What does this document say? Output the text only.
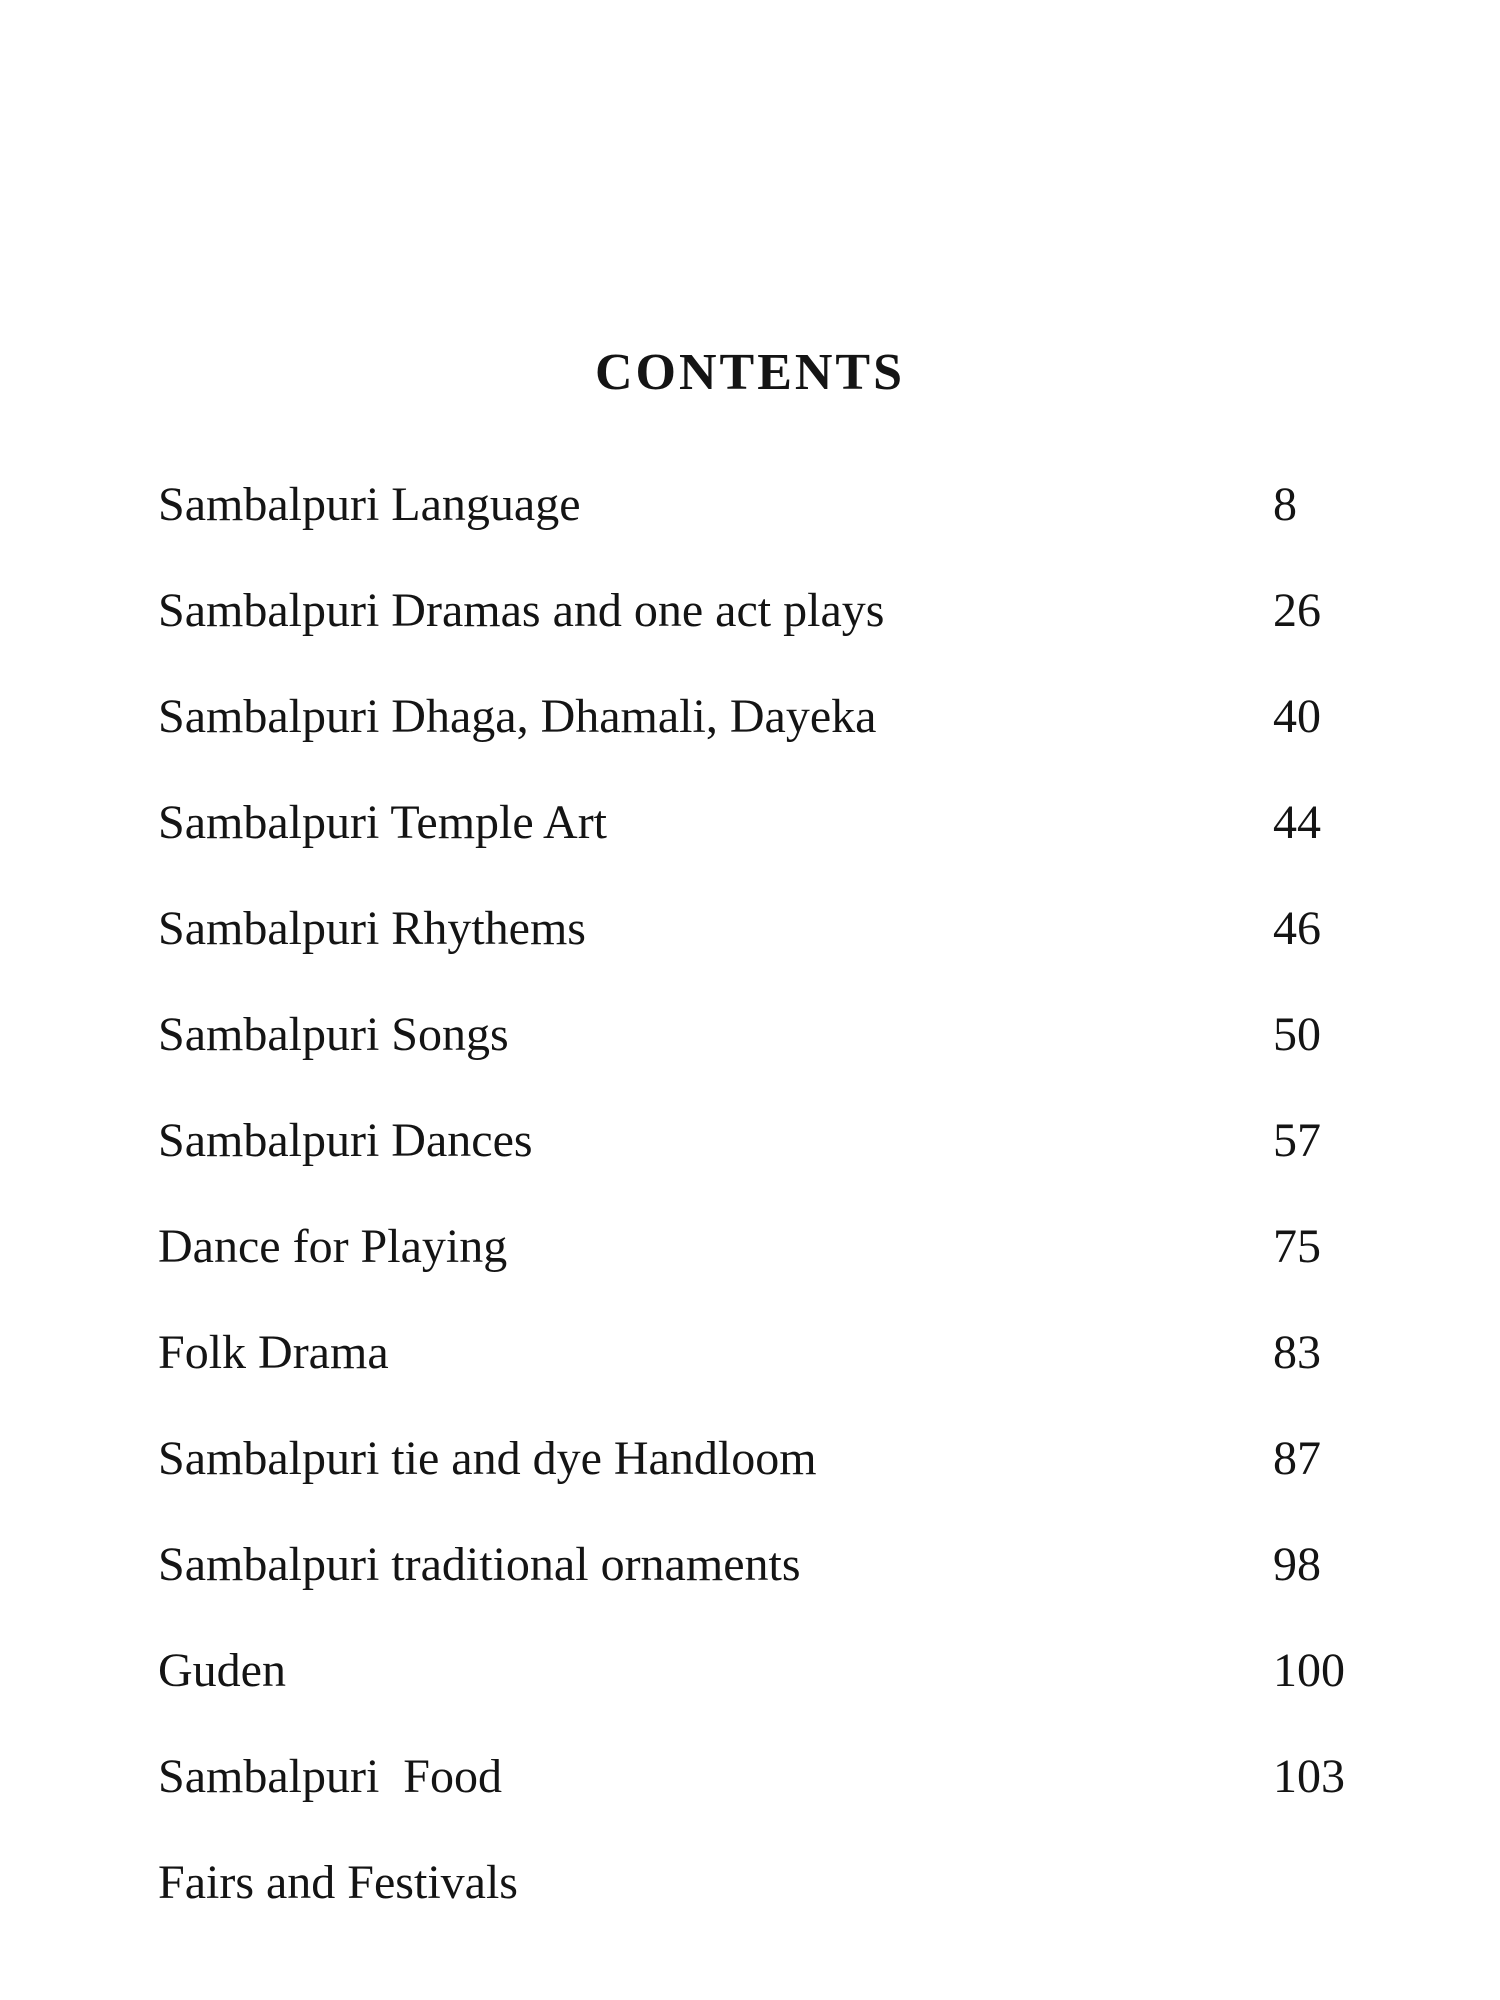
CONTENTS
Sambalpuri Language	8
Sambalpuri Dramas and one act plays	26
Sambalpuri Dhaga, Dhamali, Dayeka	40
Sambalpuri Temple Art	44
Sambalpuri Rhythems	46
Sambalpuri Songs	50
Sambalpuri Dances	57
Dance for Playing	75
Folk Drama	83
Sambalpuri tie and dye Handloom	87
Sambalpuri traditional ornaments	98
Guden	100
Sambalpuri  Food	103
Fairs and Festivals
